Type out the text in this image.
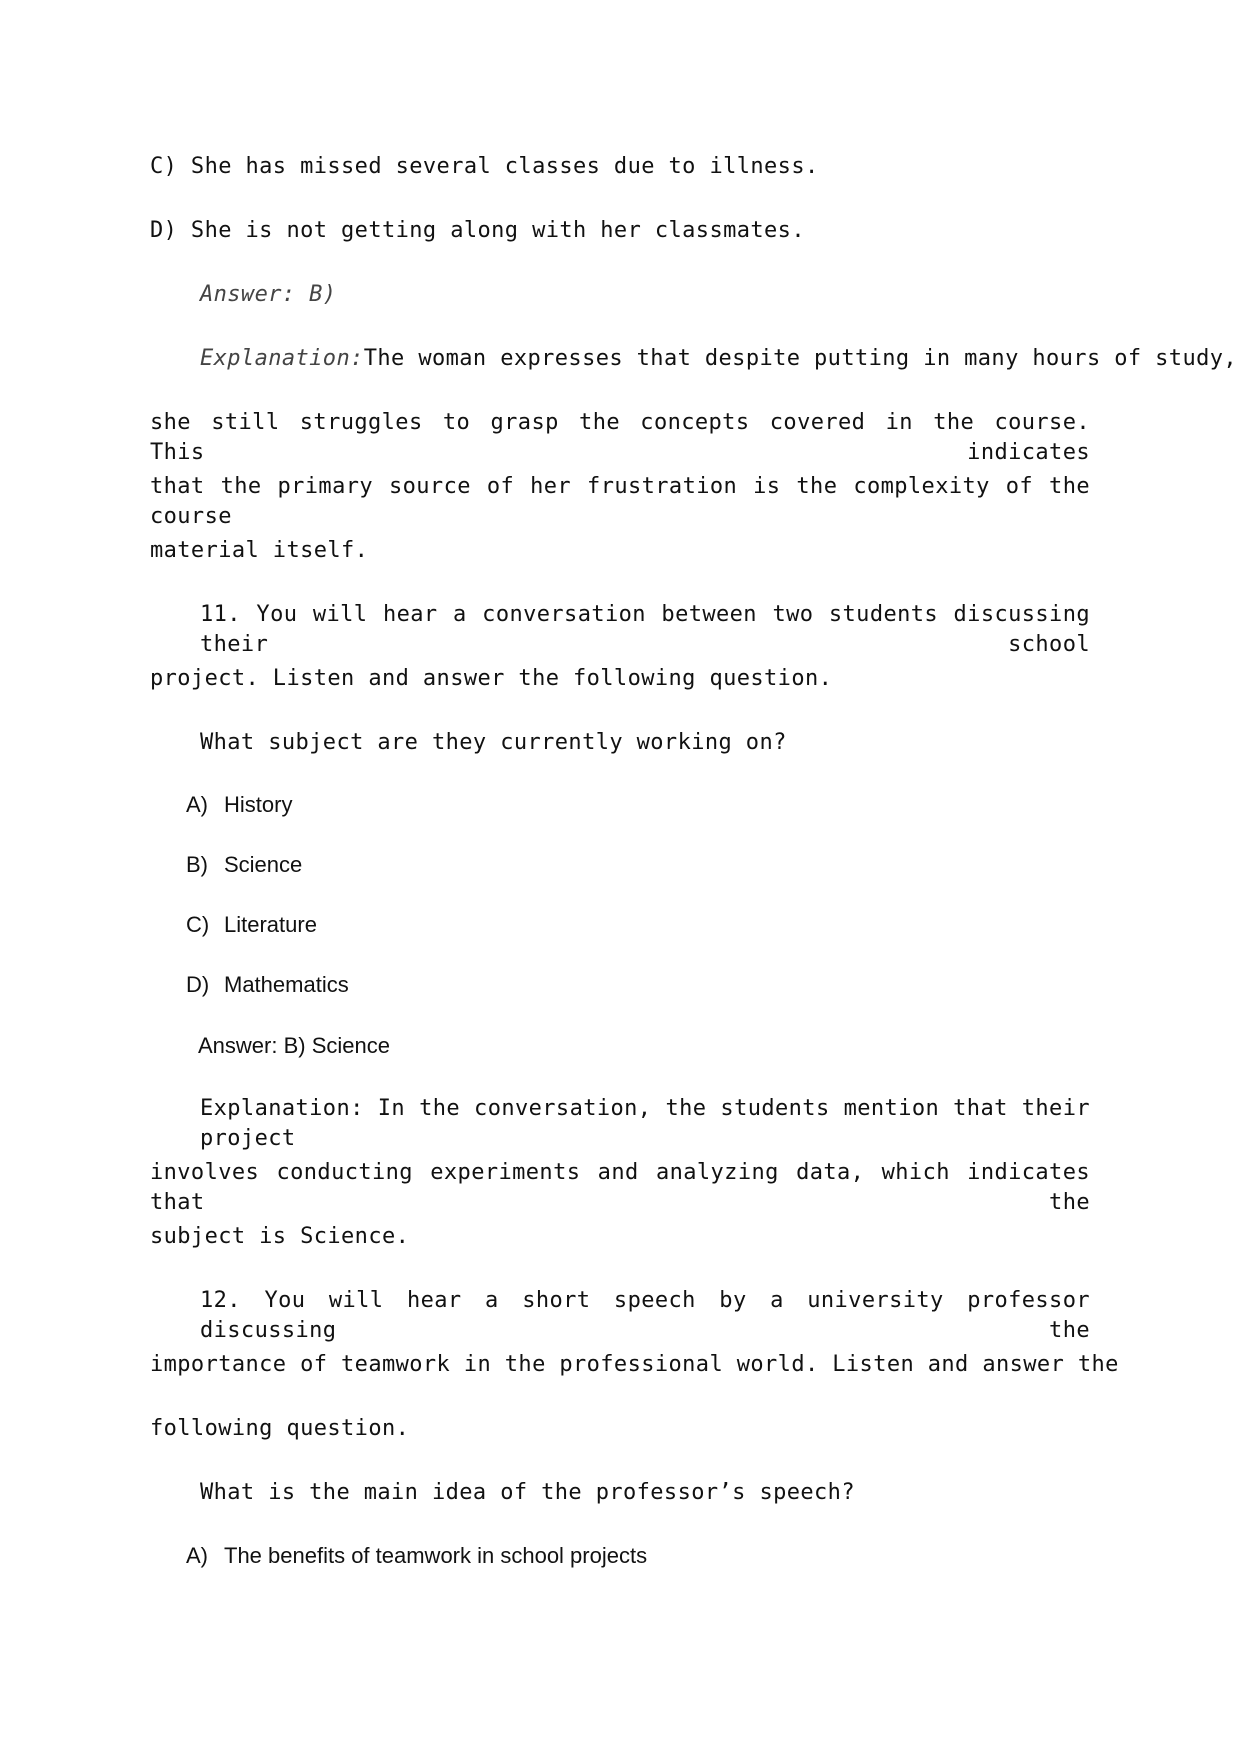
C) She has missed several classes due to illness.
D) She is not getting along with her classmates.
Answer: B)
Explanation:The woman expresses that despite putting in many hours of study,
she still struggles to grasp the concepts covered in the course. This indicates
that the primary source of her frustration is the complexity of the course
material itself.
11. You will hear a conversation between two students discussing their school
project. Listen and answer the following question.
What subject are they currently working on?
A) History
B) Science
C) Literature
D) Mathematics
Answer: B) Science
Explanation: In the conversation, the students mention that their project
involves conducting experiments and analyzing data, which indicates that the
subject is Science.
12. You will hear a short speech by a university professor discussing the
importance of teamwork in the professional world. Listen and answer the
following question.
What is the main idea of the professor’s speech?
A) The benefits of teamwork in school projects
